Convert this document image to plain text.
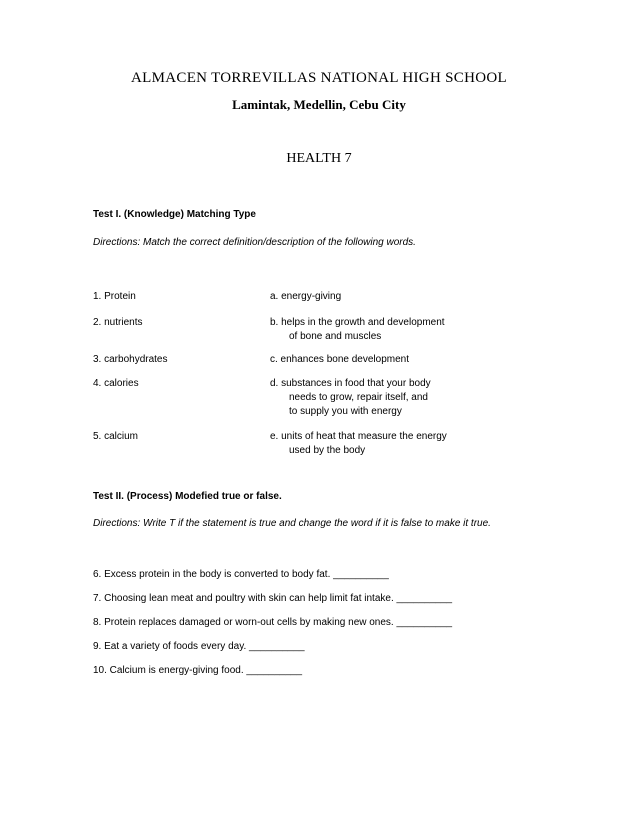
ALMACEN TORREVILLAS NATIONAL HIGH SCHOOL
Lamintak, Medellin, Cebu City
HEALTH 7
Test I. (Knowledge) Matching Type
Directions: Match the correct definition/description of the following words.
1. Protein	a. energy-giving
2. nutrients	b. helps in the growth and development
of bone and muscles
3. carbohydrates	c. enhances bone development
4. calories	d. substances in food that your body
needs to grow, repair itself, and
to supply you with energy
5. calcium	e. units of heat that measure the energy
used by the body
Test II. (Process) Modefied true or false.
Directions: Write T if the statement is true and change the word if it is false to make it true.
6. Excess protein in the body is converted to body fat. __________
7. Choosing lean meat and poultry with skin can help limit fat intake. __________
8. Protein replaces damaged or worn-out cells by making new ones. __________
9. Eat a variety of foods every day. __________
10. Calcium is energy-giving food. __________
